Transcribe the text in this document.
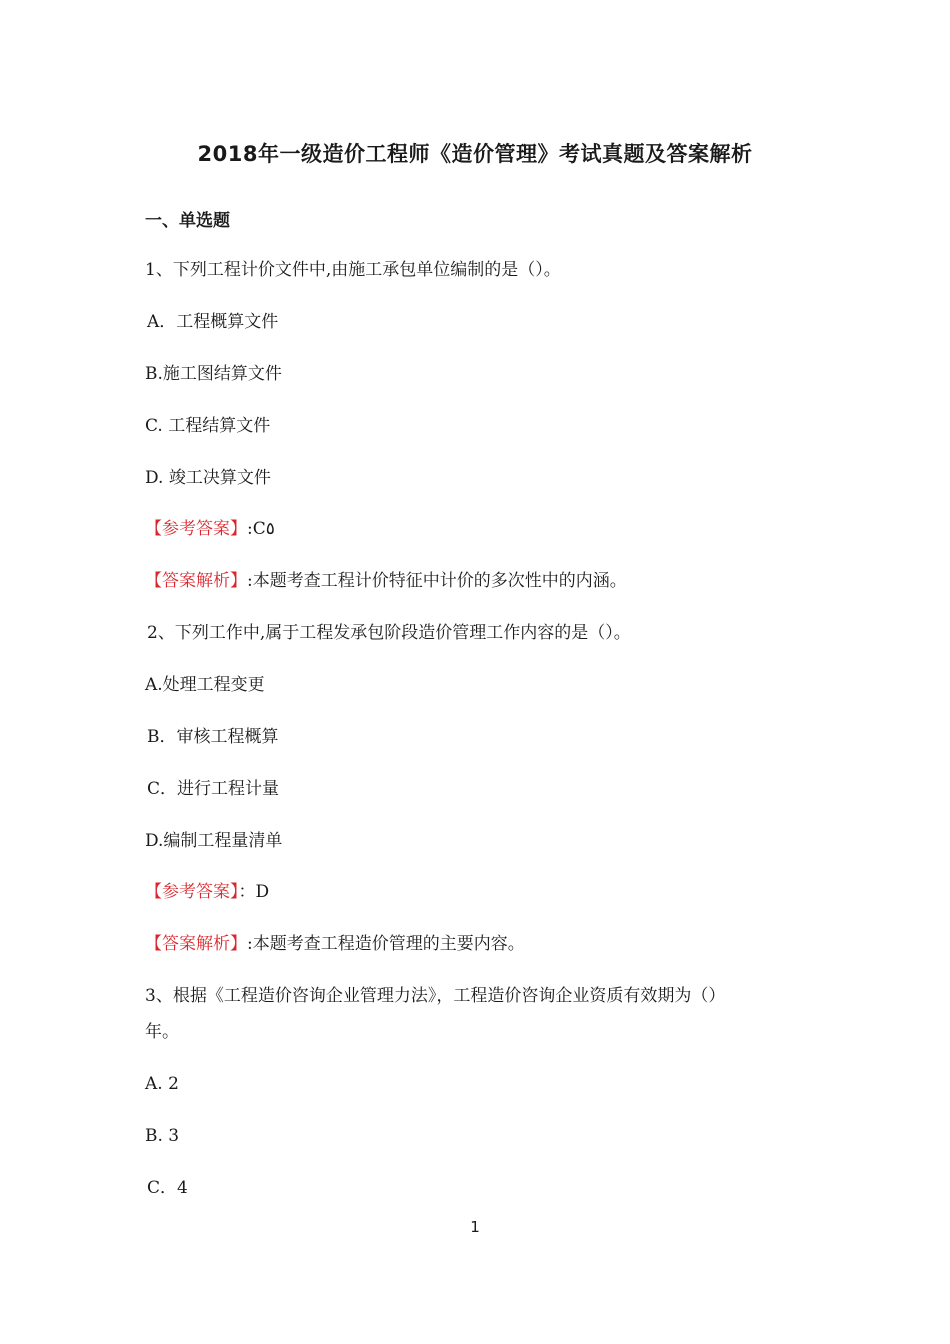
2018年一级造价工程师《造价管理》考试真题及答案解析
一、单选题
1、下列工程计价文件中,由施工承包单位编制的是（）。
A．工程概算文件
B.施工图结算文件
C. 工程结算文件
D. 竣工决算文件
【参考答案】:C٥
【答案解析】:本题考查工程计价特征中计价的多次性中的内涵。
2、下列工作中,属于工程发承包阶段造价管理工作内容的是（）。
A.处理工程变更
B．审核工程概算
C．进行工程计量
D.编制工程量清单
【参考答案】：D
【答案解析】:本题考查工程造价管理的主要内容。
3、根据《工程造价咨询企业管理力法》，工程造价咨询企业资质有效期为（）
年。
A. 2
B. 3
C．4
1
